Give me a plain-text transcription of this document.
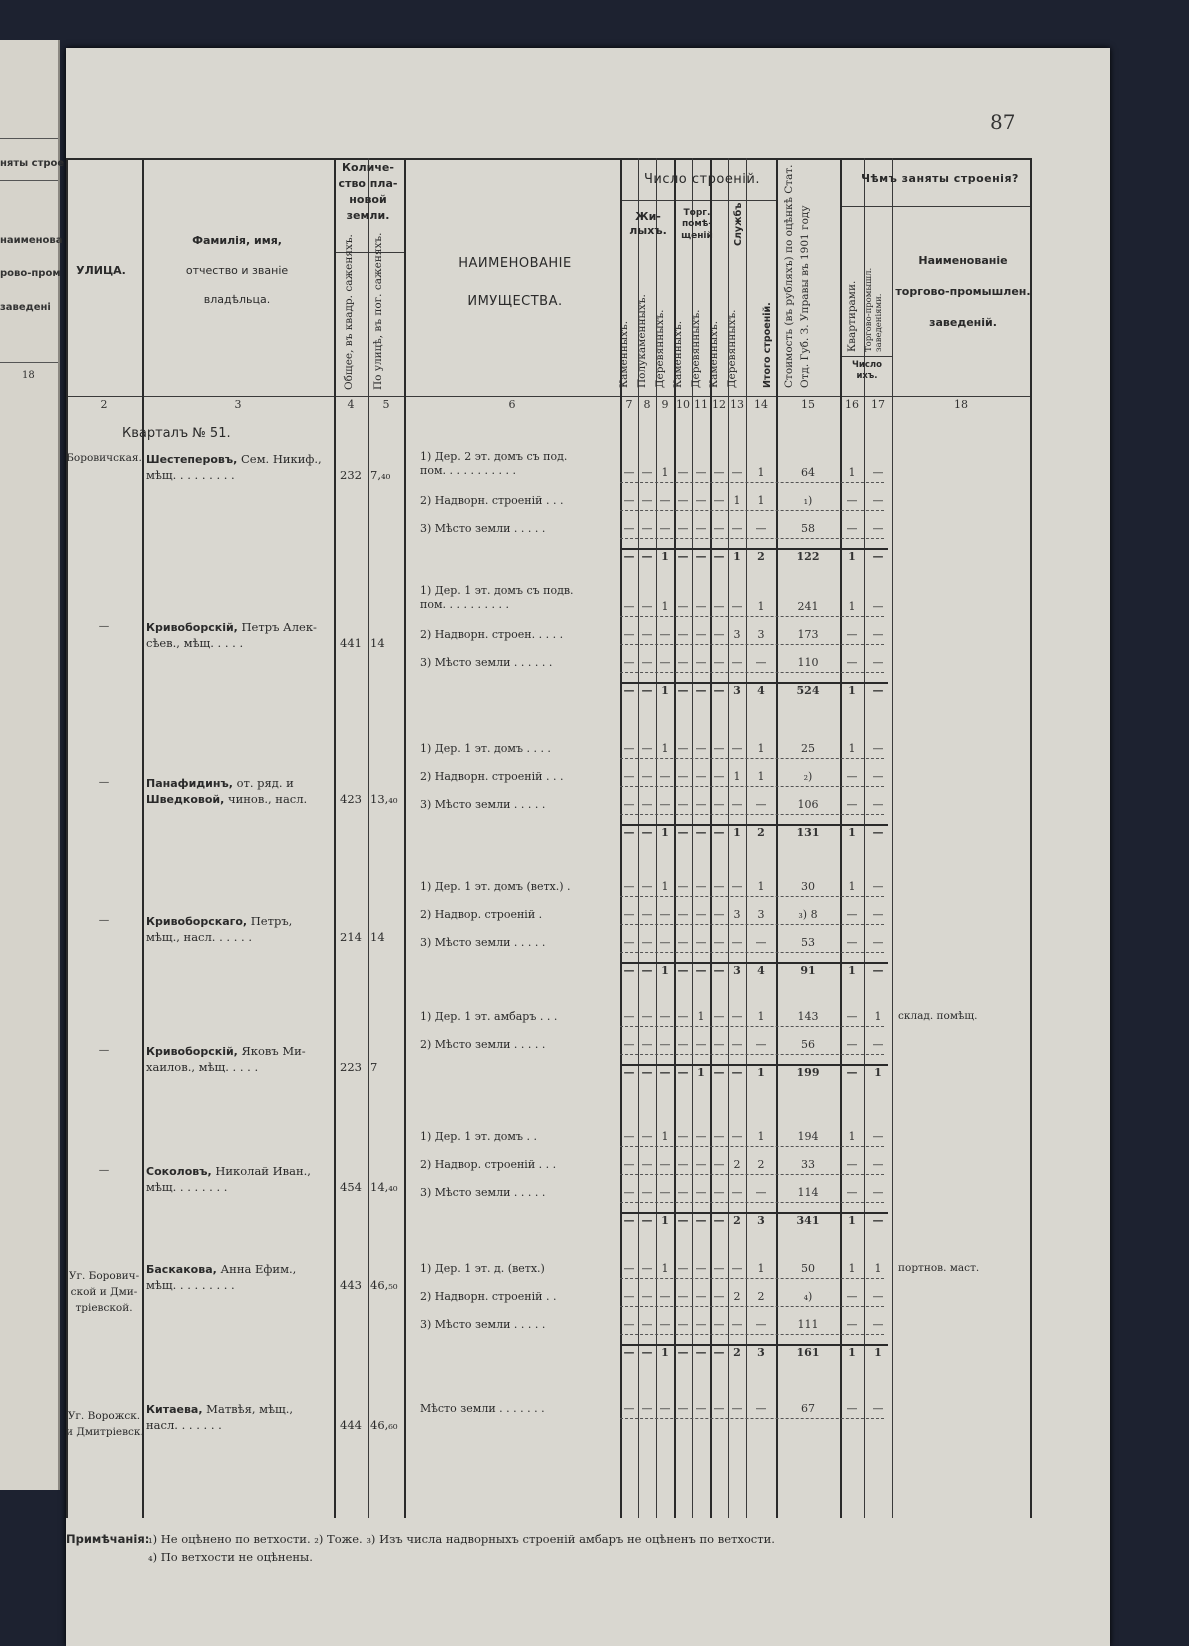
няты строе
наименова
рово-пром
заведені
18
87
УЛИЦА.
Фамилія, имя,
отчество и званіе
владѣльца.
Количе-
ство пла-
новой
земли.
Общее, въ квадр. саженяхъ. По улицѣ, въ пог. саженяхъ.	НАИМЕНОВАНІЕ
ИМУЩЕСТВА.
Число строеній.
Жи-
лыхъ.
Торг.
помѣ-
щеній	Службъ
Каменныхъ. Полукаменныхъ. Деревянныхъ. Каменныхъ. Деревянныхъ. Каменныхъ. Деревянныхъ.	Итого строеній. Стоимость (въ рубляхъ) по оцѣнкѣ Стат. Отд. Губ. З. Управы въ 1901 году
Чѣмъ заняты строенія?
Квартирами. Торгово-промышл. заведеніями.
Число
ихъ.
Наименованіе
торгово-промышлен.
заведеній.
2	3	4	5	6	7	8	9 10 11 12 13 14	15	16	17	18
Кварталъ № 51.
Боровичская. Шестеперовъ, Сем. Никиф.,
мѣщ. . . . . . . . .	232 7,₄₀
1) Дер. 2 эт. домъ съ под.
пом. . . . . . . . . . .	— — 1 — — — —	1	64	1	—
2) Надворн. строеній . . .	— — — — — — 1	1	₁)	—	—
3) Мѣсто земли . . . . .	— — — — — — —	—	58	—	—
— — 1 — — — 1	2	122	1	—
—	Кривоборскій, Петръ Алек-
сѣев., мѣщ. . . . .	441 14
1) Дер. 1 эт. домъ съ подв.
пом. . . . . . . . . .	— — 1 — — — —	1	241	1	—
2) Надворн. строен. . . . .	— — — — — — 3	3	173	—	—
3) Мѣсто земли . . . . . .	— — — — — — —	—	110	—	—
— — 1 — — — 3	4	524	1	—
—	Панафидинъ, от. ряд. и
Шведковой, чинов., насл.	423 13,₄₀
1) Дер. 1 эт. домъ . . . .	— — 1 — — — —	1	25	1	—
2) Надворн. строеній . . .	— — — — — — 1	1	₂)	—	—
3) Мѣсто земли . . . . .	— — — — — — —	—	106	—	—
— — 1 — — — 1	2	131	1	—
—	Кривоборскаго, Петръ,
мѣщ., насл. . . . . .	214 14
1) Дер. 1 эт. домъ (ветх.) .	— — 1 — — — —	1	30	1	—
2) Надвор. строеній .	— — — — — — 3	3	₃) 8	—	—
3) Мѣсто земли . . . . .	— — — — — — —	—	53	—	—
— — 1 — — — 3	4	91	1	—
—	Кривоборскій, Яковъ Ми-
хаилов., мѣщ. . . . .	223 7
1) Дер. 1 эт. амбаръ . . .	— — — — 1 — —	1	143	—	1	склад. помѣщ.
2) Мѣсто земли . . . . .	— — — — — — —	—	56	—	—
— — — — 1 — —	1	199	—	1
—	Соколовъ, Николай Иван.,
мѣщ. . . . . . . .	454 14,₄₀
1) Дер. 1 эт. домъ . .	— — 1 — — — —	1	194	1	—
2) Надвор. строеній . . .	— — — — — — 2	2	33	—	—
3) Мѣсто земли . . . . .	— — — — — — —	—	114	—	—
— — 1 — — — 2	3	341	1	—
Уг. Борович-
ской и Дми-
тріевской.
Баскакова, Анна Ефим.,
мѣщ. . . . . . . . .	443 46,₅₀
1) Дер. 1 эт. д. (ветх.)	— — 1 — — — —	1	50	1	1	портнов. маст.
2) Надворн. строеній . .	— — — — — — 2	2	₄)	—	—
3) Мѣсто земли . . . . .	— — — — — — —	—	111	—	—
— — 1 — — — 2	3	161	1	1
Уг. Ворожск.
и Дмитріевск.
Китаева, Матвѣя, мѣщ.,
насл. . . . . . .	444 46,₆₀
Мѣсто земли . . . . . . .	— — — — — — —	—	67	—	—
Примѣчанія:
₁) Не оцѣнено по ветхости. ₂) Тоже. ₃) Изъ числа надворныхъ строеній амбаръ не оцѣненъ по ветхости.
₄) По ветхости не оцѣнены.
